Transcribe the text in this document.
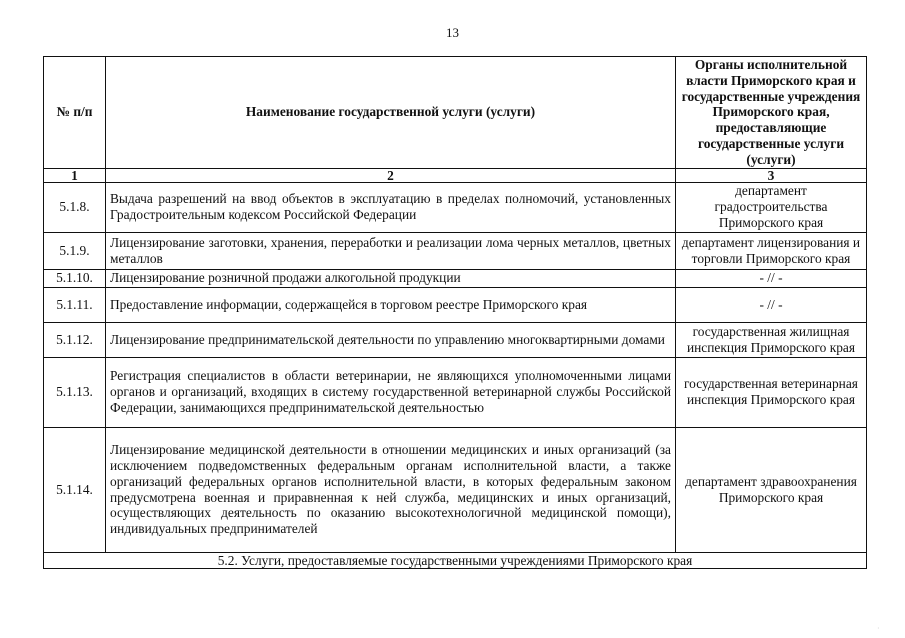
13
№ п/п	Наименование государственной услуги (услуги)	Органы исполнительной власти Приморского края и государственные учреждения Приморского края, предоставляющие государственные услуги (услуги)
1	2	3
5.1.8.	Выдача разрешений на ввод объектов в эксплуатацию в пределах полномочий, установленных Градостроительным кодексом Российской Федерации	департамент градостроительства Приморского края
5.1.9.	Лицензирование заготовки, хранения, переработки и реализации лома черных металлов, цветных металлов	департамент лицензирования и торговли Приморского края
5.1.10.	Лицензирование розничной продажи алкогольной продукции	- // -
5.1.11.	Предоставление информации, содержащейся в торговом реестре Приморского края	- // -
5.1.12.	Лицензирование предпринимательской деятельности по управлению многоквартирными домами	государственная жилищная инспекция Приморского края
5.1.13.	Регистрация специалистов в области ветеринарии, не являющихся уполномоченными лицами органов и организаций, входящих в систему государственной ветеринарной службы Российской Федерации, занимающихся предпринимательской деятельностью	государственная ветеринарная инспекция Приморского края
5.1.14.	Лицензирование медицинской деятельности в отношении медицинских и иных организаций (за исключением подведомственных федеральным органам исполнительной власти, а также организаций федеральных органов исполнительной власти, в которых федеральным законом предусмотрена военная и приравненная к ней служба, медицинских и иных организаций, осуществляющих деятельность по оказанию высокотехнологичной медицинской помощи), индивидуальных предпринимателей	департамент здравоохранения Приморского края
5.2. Услуги, предоставляемые государственными учреждениями Приморского края		
·
